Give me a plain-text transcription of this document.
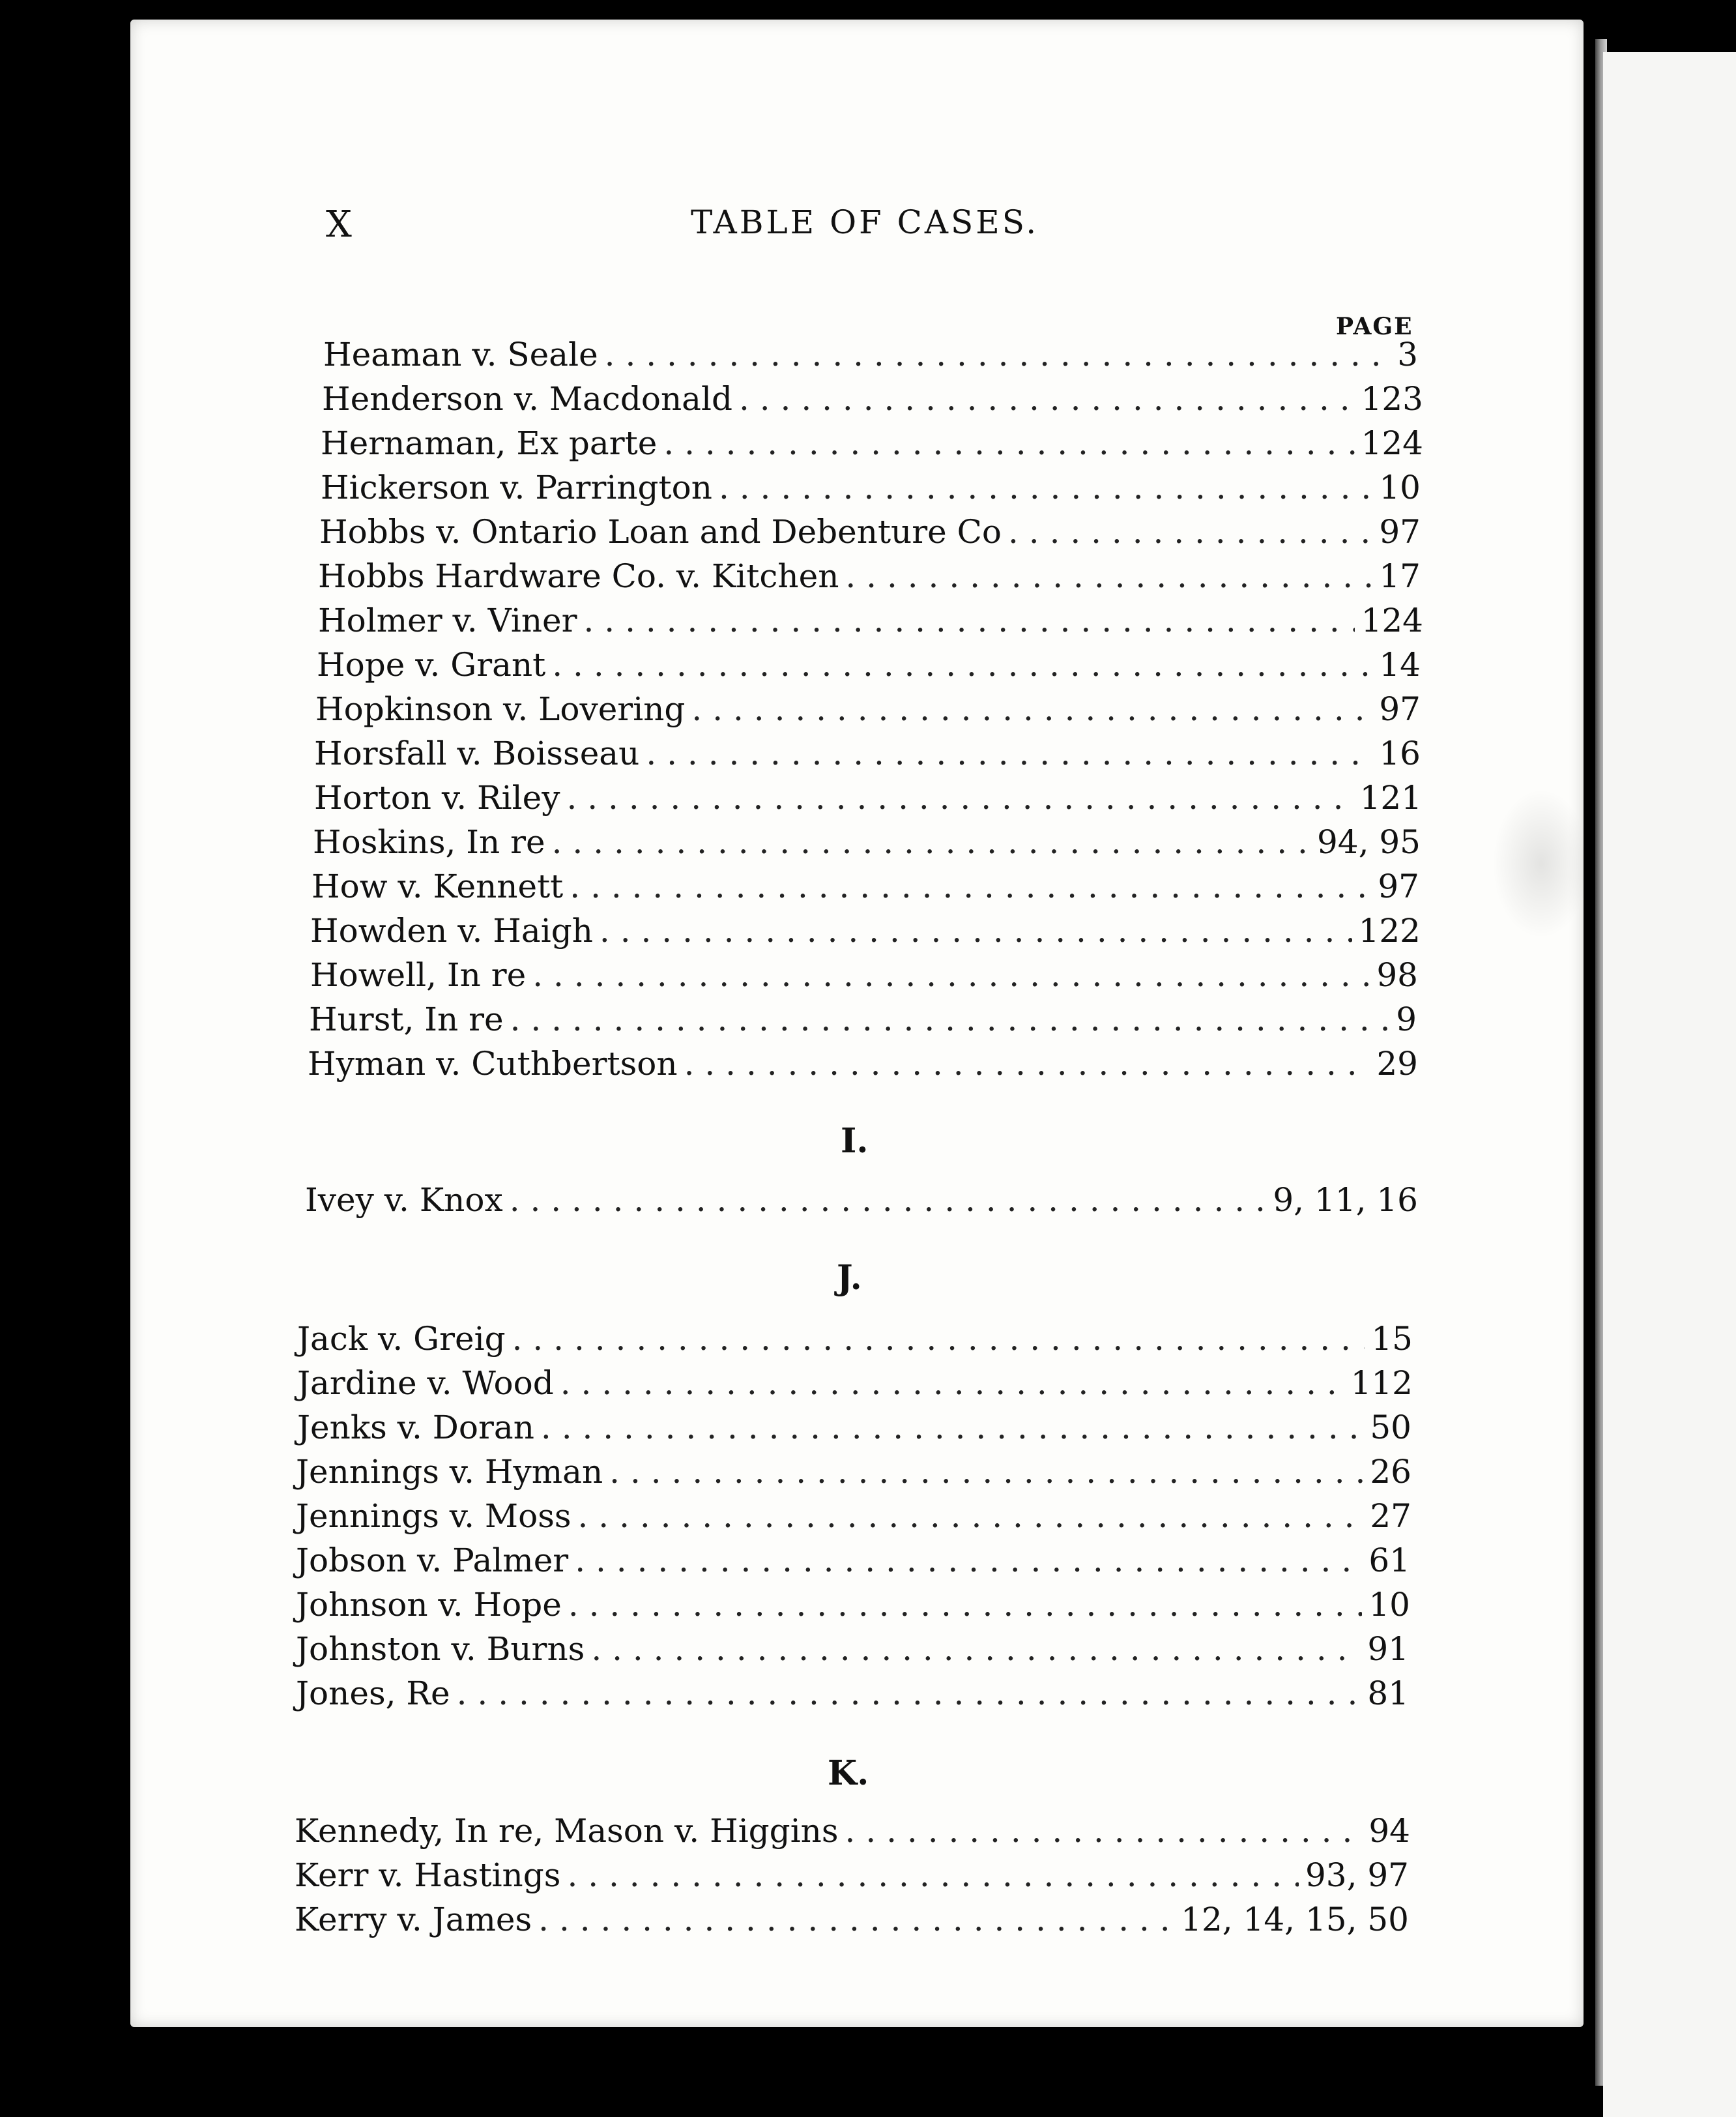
X	TABLE OF CASES.
PAGE
Heaman v. Seale . . .	3
Henderson v. Macdonald . . .	123
Hernaman, Ex parte . . .	124
Hickerson v. Parrington . . .	10
Hobbs v. Ontario Loan and Debenture Co . . .	97
Hobbs Hardware Co. v. Kitchen . . .	17
Holmer v. Viner . . .	124
Hope v. Grant . . .	14
Hopkinson v. Lovering . . .	97
Horsfall v. Boisseau . . .	16
Horton v. Riley . . .	121
Hoskins, In re . . .	94, 95
How v. Kennett . . .	97
Howden v. Haigh . . .	122
Howell, In re . . .	98
Hurst, In re . . .	9
Hyman v. Cuthbertson . . .	29
I.
Ivey v. Knox . . .	9, 11, 16
J.
Jack v. Greig . . .	15
Jardine v. Wood . . .	112
Jenks v. Doran . . .	50
Jennings v. Hyman . . .	26
Jennings v. Moss . . .	27
Jobson v. Palmer . . .	61
Johnson v. Hope . . .	10
Johnston v. Burns . . .	91
Jones, Re . . .	81
K.
Kennedy, In re, Mason v. Higgins . . .	94
Kerr v. Hastings . . .	93, 97
Kerry v. James . . .	12, 14, 15, 50
